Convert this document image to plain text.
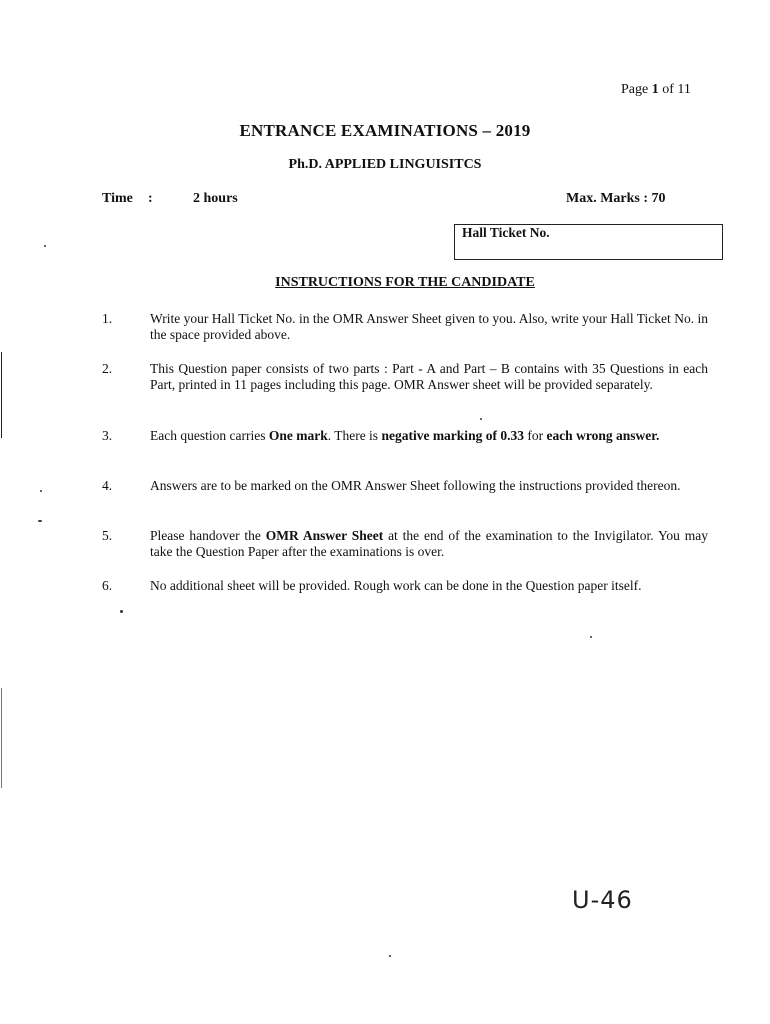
Page 1 of 11
ENTRANCE EXAMINATIONS – 2019
Ph.D. APPLIED LINGUISITCS
Time :	2 hours	Max. Marks : 70
Hall Ticket No.
INSTRUCTIONS FOR THE CANDIDATE
1.	Write your Hall Ticket No. in the OMR Answer Sheet given to you. Also, write your Hall Ticket No. in the space provided above.
2.	This Question paper consists of two parts : Part - A and Part – B contains with 35 Questions in each Part, printed in 11 pages including this page. OMR Answer sheet will be provided separately.
3.	Each question carries One mark. There is negative marking of 0.33 for each wrong answer.
4.	Answers are to be marked on the OMR Answer Sheet following the instructions provided thereon.
5.	Please handover the OMR Answer Sheet at the end of the examination to the Invigilator. You may take the Question Paper after the examinations is over.
6.	No additional sheet will be provided. Rough work can be done in the Question paper itself.
U-46
